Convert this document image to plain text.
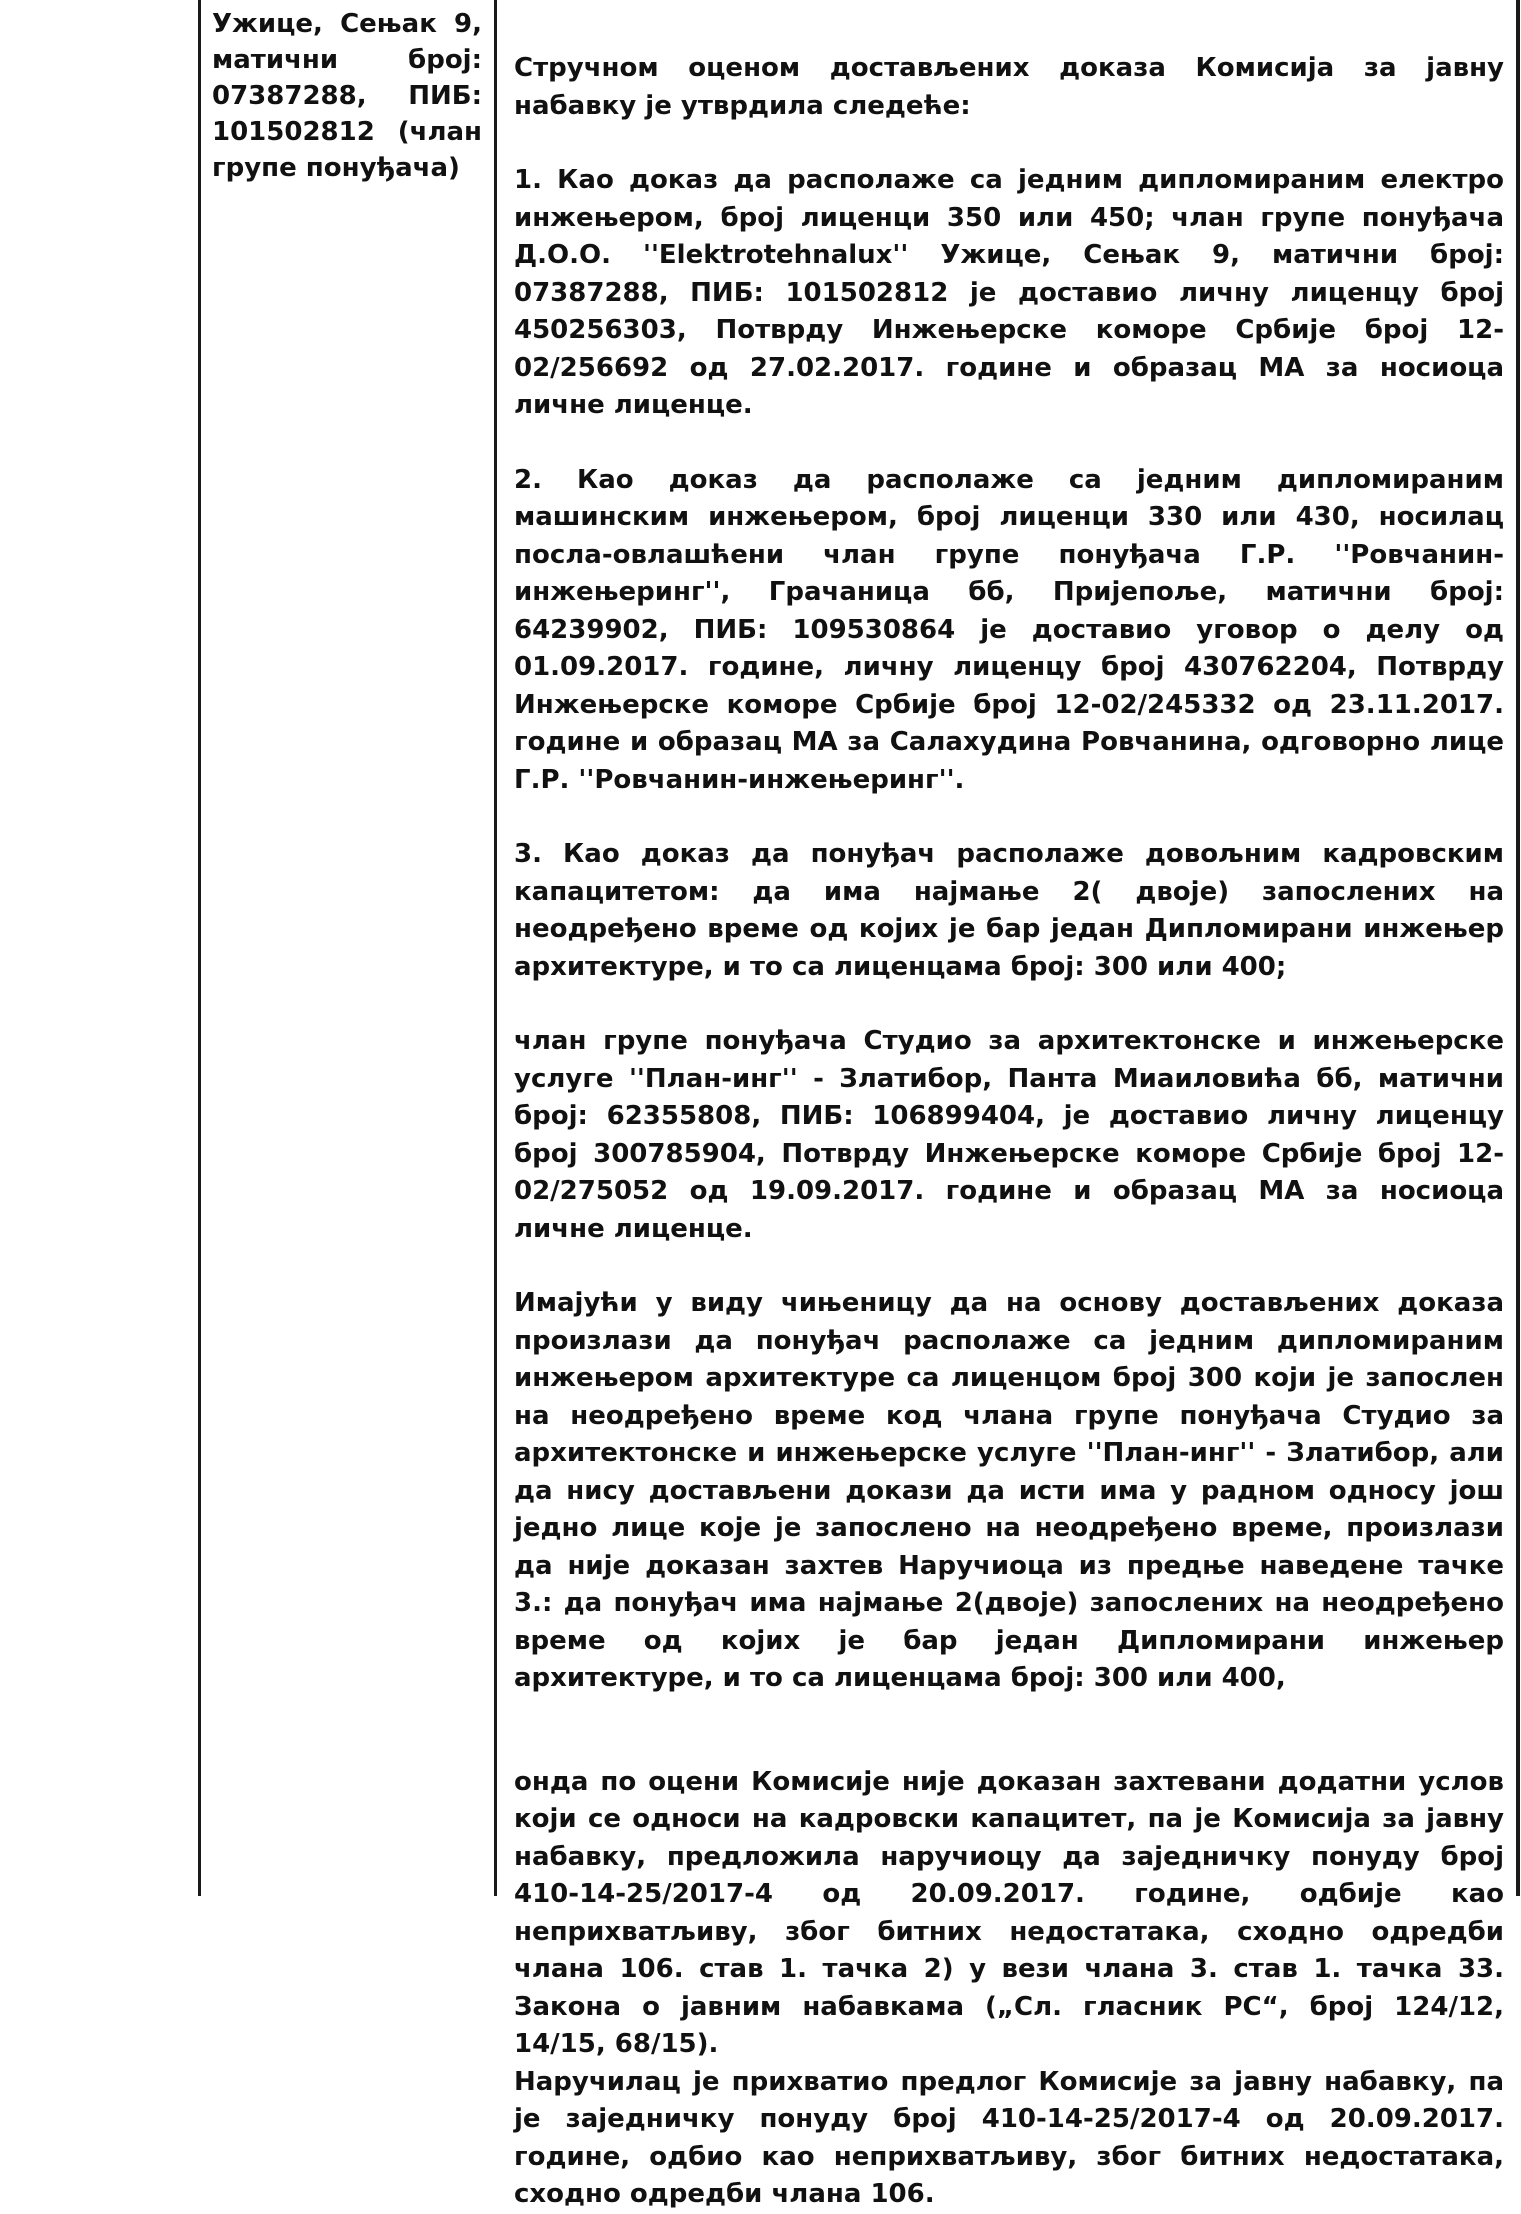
Ужице, Сењак 9, матични број: 07387288, ПИБ: 101502812 (члан групе понуђача)

Стручном оценом достављених доказа Комисија за јавну набавку је утврдила следеће:

1. Као доказ да располаже са једним дипломираним електро инжењером, број лиценци 350 или 450; члан групе понуђача Д.О.О. ''Elektrotehnalux'' Ужице, Сењак 9, матични број: 07387288, ПИБ: 101502812 је доставио личну лиценцу број 450256303, Потврду Инжењерске коморе Србије број 12-02/256692 од 27.02.2017. године и образац МА за носиоца личне лиценце.

2. Као доказ да располаже са једним дипломираним машинским инжењером, број лиценци 330 или 430, носилац посла-овлашћени члан групе понуђача Г.Р. ''Ровчанин-инжењеринг'', Грачаница бб, Пријепоље, матични број: 64239902, ПИБ: 109530864 је доставио уговор о делу од 01.09.2017. године, личну лиценцу број 430762204, Потврду Инжењерске коморе Србије број 12-02/245332 од 23.11.2017. године и образац МА за Салахудина Ровчанина, одговорно лице Г.Р. ''Ровчанин-инжењеринг''.

3. Као доказ да понуђач располаже довољним кадровским капацитетом: да има најмање 2( двоје) запослених на неодређено време од којих је бар један Дипломирани инжењер архитектуре, и то са лиценцама број: 300 или 400;

члан групе понуђача Студио за архитектонске и инжењерске услуге ''План-инг'' - Златибор, Панта Миаиловића бб, матични број: 62355808, ПИБ: 106899404, је доставио личну лиценцу број 300785904, Потврду Инжењерске коморе Србије број 12-02/275052 од 19.09.2017. године и образац МА за носиоца личне лиценце.

Имајући у виду чињеницу да на основу достављених доказа произлази да понуђач располаже са једним дипломираним инжењером архитектуре са лиценцом број 300 који је запослен на неодређено време код члана групе понуђача Студио за архитектонске и инжењерске услуге ''План-инг'' - Златибор, али да нису достављени докази да исти има у радном односу још једно лице које је запослено на неодређено време, произлази да није доказан захтев Наручиоца из предње наведене тачке 3.: да понуђач има најмање 2(двоје) запослених на неодређено време од којих је бар један Дипломирани инжењер архитектуре, и то са лиценцама број: 300 или 400,

онда по оцени Комисије није доказан захтевани додатни услов који се односи на кадровски капацитет, па је Комисија за јавну набавку, предложила наручиоцу да заједничку понуду број 410-14-25/2017-4 од 20.09.2017. године, одбије као неприхватљиву, због битних недостатака, сходно одредби члана 106. став 1. тачка 2) у вези члана 3. став 1. тачка 33. Закона о јавним набавкама („Сл. гласник РС“, број 124/12, 14/15, 68/15).

Наручилац је прихватио предлог Комисије за јавну набавку, па је заједничку понуду број 410-14-25/2017-4 од 20.09.2017. године, одбио као неприхватљиву, због битних недостатака, сходно одредби члана 106.
